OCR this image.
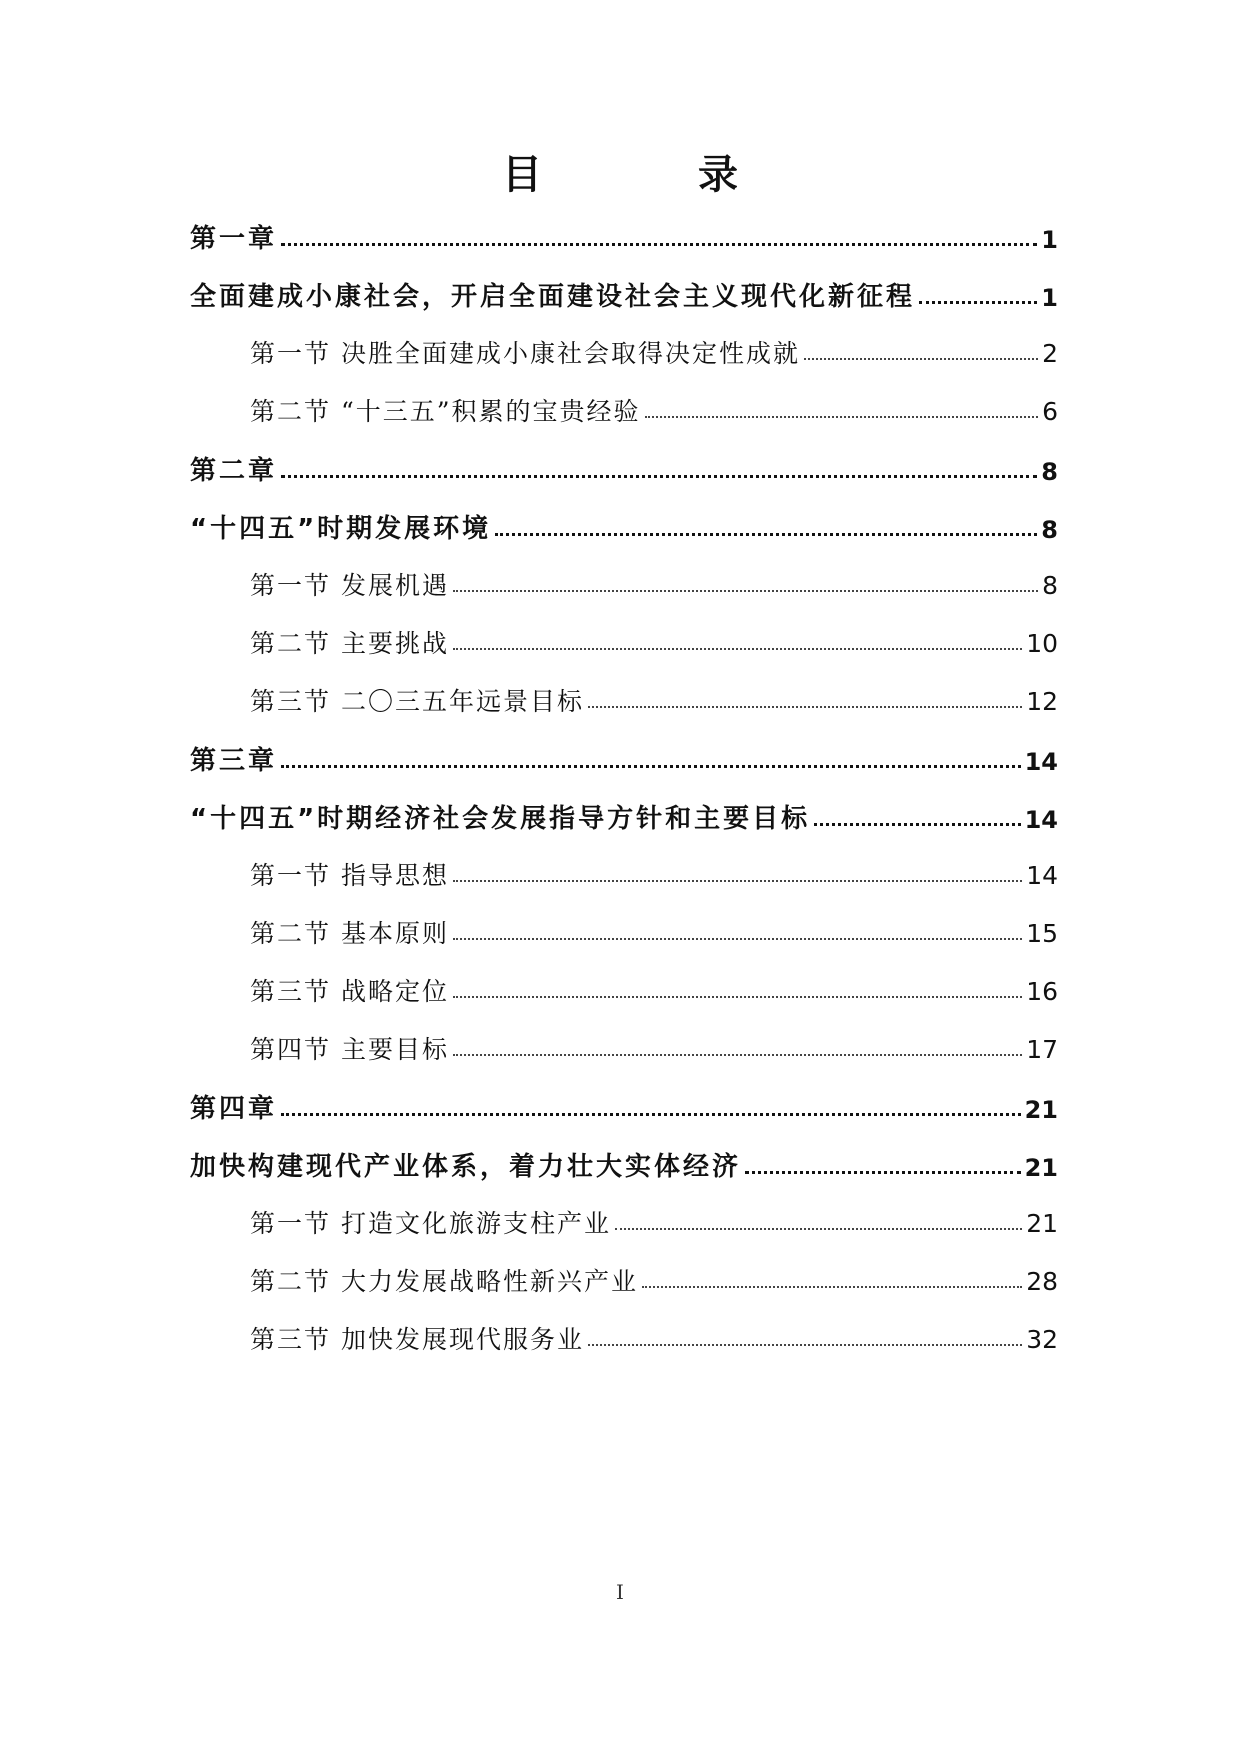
目　录
第一章	1
全面建成小康社会，开启全面建设社会主义现代化新征程	1
第一节 决胜全面建成小康社会取得决定性成就	2
第二节 “十三五”积累的宝贵经验	6
第二章	8
“十四五”时期发展环境	8
第一节 发展机遇	8
第二节 主要挑战	10
第三节 二〇三五年远景目标	12
第三章	14
“十四五”时期经济社会发展指导方针和主要目标	14
第一节 指导思想	14
第二节 基本原则	15
第三节 战略定位	16
第四节 主要目标	17
第四章	21
加快构建现代产业体系，着力壮大实体经济	21
第一节 打造文化旅游支柱产业	21
第二节 大力发展战略性新兴产业	28
第三节 加快发展现代服务业	32
I
